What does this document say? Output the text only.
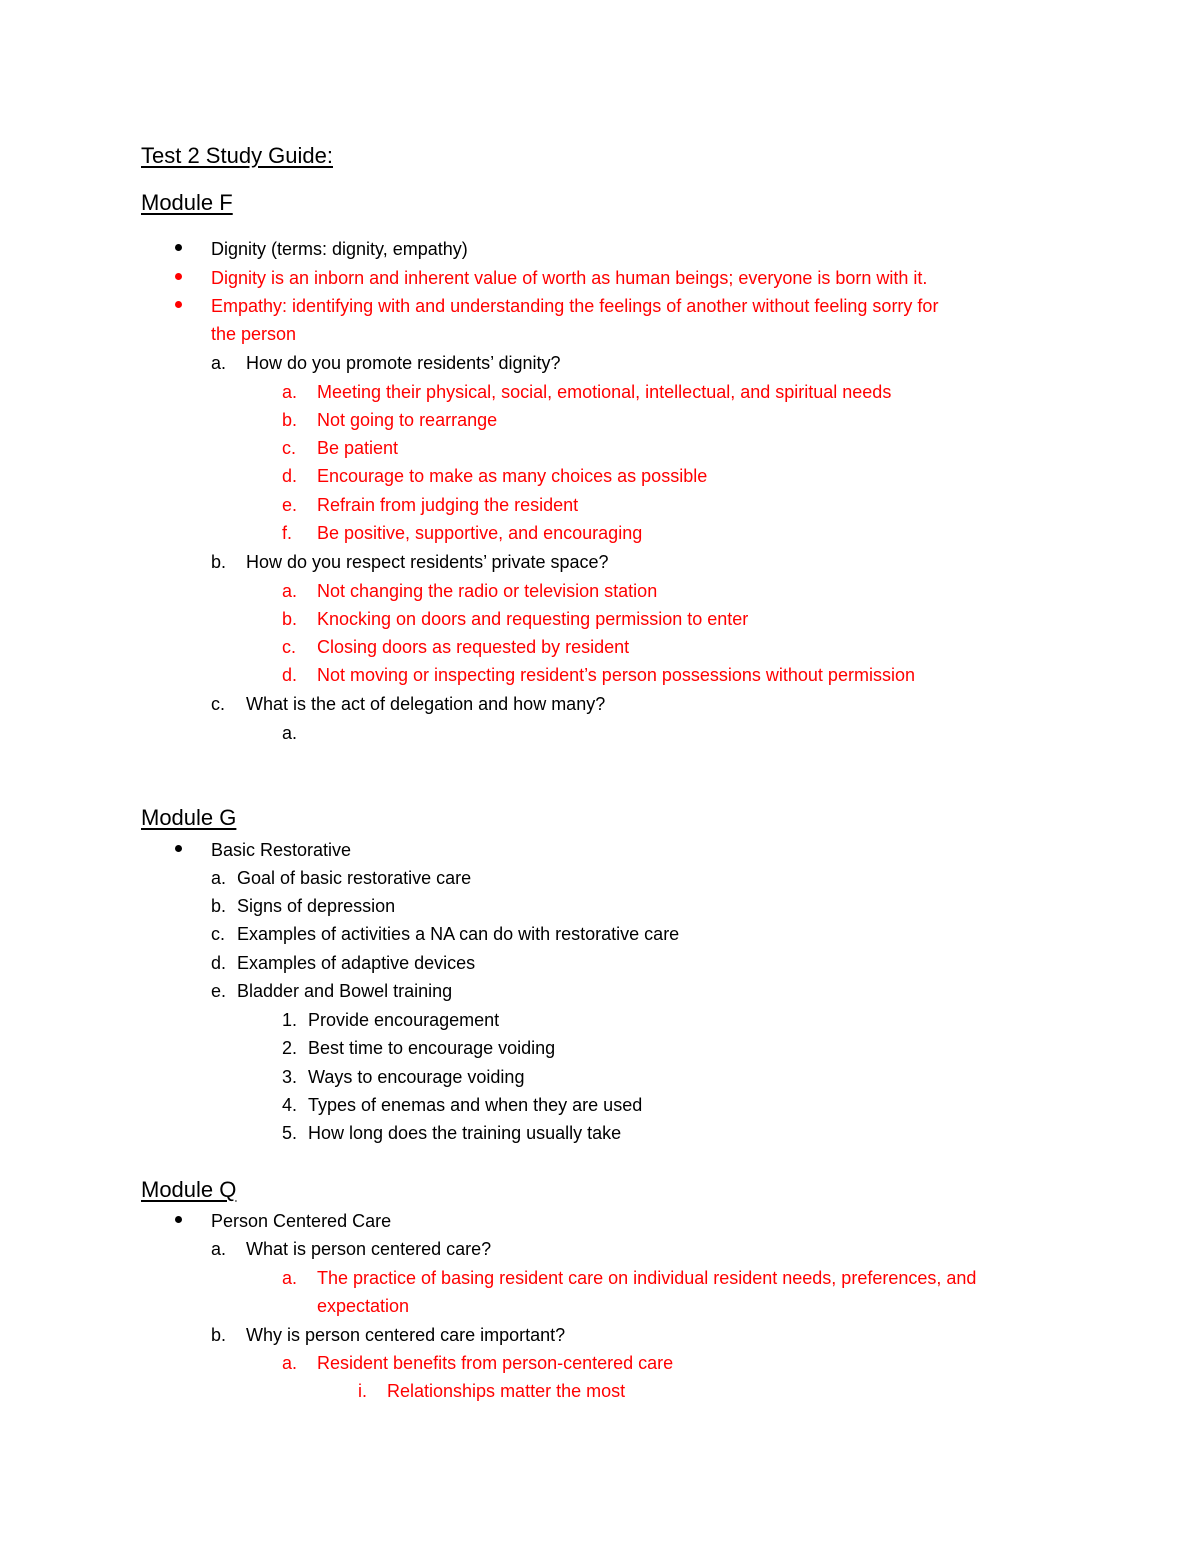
Test 2 Study Guide:
Module F
Dignity (terms: dignity, empathy)
Dignity is an inborn and inherent value of worth as human beings; everyone is born with it.
Empathy: identifying with and understanding the feelings of another without feeling sorry for
the person
a. How do you promote residents’ dignity?
a. Meeting their physical, social, emotional, intellectual, and spiritual needs
b. Not going to rearrange
c. Be patient
d. Encourage to make as many choices as possible
e. Refrain from judging the resident
f. Be positive, supportive, and encouraging
b. How do you respect residents’ private space?
a. Not changing the radio or television station
b. Knocking on doors and requesting permission to enter
c. Closing doors as requested by resident
d. Not moving or inspecting resident’s person possessions without permission
c. What is the act of delegation and how many?
a.
Module G
Basic Restorative
a. Goal of basic restorative care
b. Signs of depression
c. Examples of activities a NA can do with restorative care
d. Examples of adaptive devices
e. Bladder and Bowel training
1. Provide encouragement
2. Best time to encourage voiding
3. Ways to encourage voiding
4. Types of enemas and when they are used
5. How long does the training usually take
Module Q
Person Centered Care
a. What is person centered care?
a. The practice of basing resident care on individual resident needs, preferences, and
expectation
b. Why is person centered care important?
a. Resident benefits from person-centered care
i. Relationships matter the most
